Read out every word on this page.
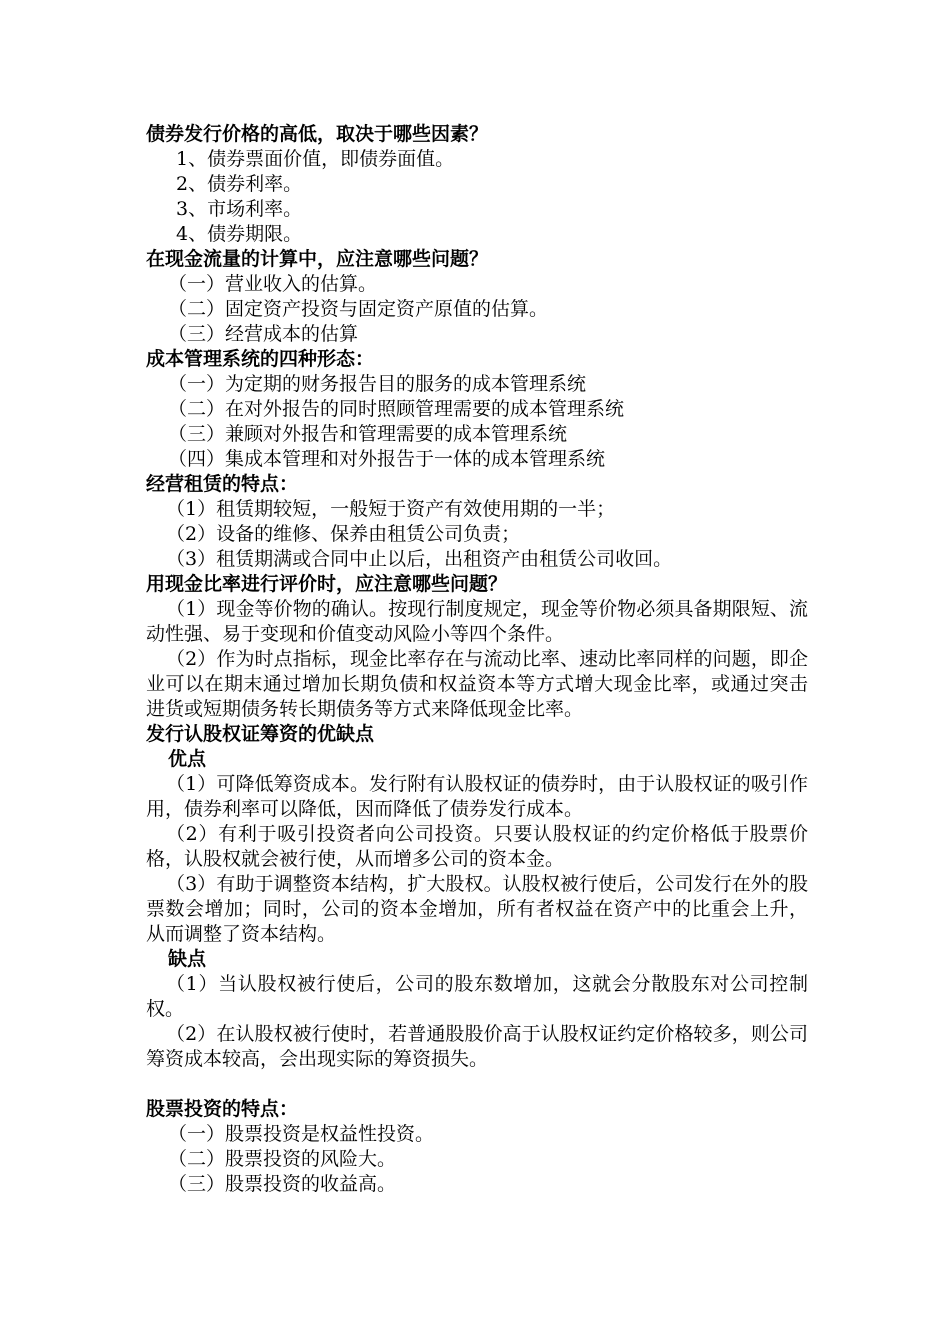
债券发行价格的高低，取决于哪些因素？
1、债券票面价值，即债券面值。
2、债券利率。
3、市场利率。
4、债券期限。
在现金流量的计算中，应注意哪些问题？
（一）营业收入的估算。
（二）固定资产投资与固定资产原值的估算。
（三）经营成本的估算
成本管理系统的四种形态：
（一）为定期的财务报告目的服务的成本管理系统
（二）在对外报告的同时照顾管理需要的成本管理系统
（三）兼顾对外报告和管理需要的成本管理系统
（四）集成本管理和对外报告于一体的成本管理系统
经营租赁的特点：
（1）租赁期较短，一般短于资产有效使用期的一半；
（2）设备的维修、保养由租赁公司负责；
（3）租赁期满或合同中止以后，出租资产由租赁公司收回。
用现金比率进行评价时，应注意哪些问题？

（1）现金等价物的确认。按现行制度规定，现金等价物必须具备期限短、流动性强、易于变现和价值变动风险小等四个条件。

（2）作为时点指标，现金比率存在与流动比率、速动比率同样的问题，即企业可以在期末通过增加长期负债和权益资本等方式增大现金比率，或通过突击进货或短期债务转长期债务等方式来降低现金比率。

发行认股权证筹资的优缺点
优点

（1）可降低筹资成本。发行附有认股权证的债券时，由于认股权证的吸引作用，债券利率可以降低，因而降低了债券发行成本。

（2）有利于吸引投资者向公司投资。只要认股权证的约定价格低于股票价格，认股权就会被行使，从而增多公司的资本金。

（3）有助于调整资本结构，扩大股权。认股权被行使后，公司发行在外的股票数会增加；同时，公司的资本金增加，所有者权益在资产中的比重会上升，从而调整了资本结构。

缺点

（1）当认股权被行使后，公司的股东数增加，这就会分散股东对公司控制权。

（2）在认股权被行使时，若普通股股价高于认股权证约定价格较多，则公司筹资成本较高，会出现实际的筹资损失。

股票投资的特点：
（一）股票投资是权益性投资。
（二）股票投资的风险大。
（三）股票投资的收益高。
